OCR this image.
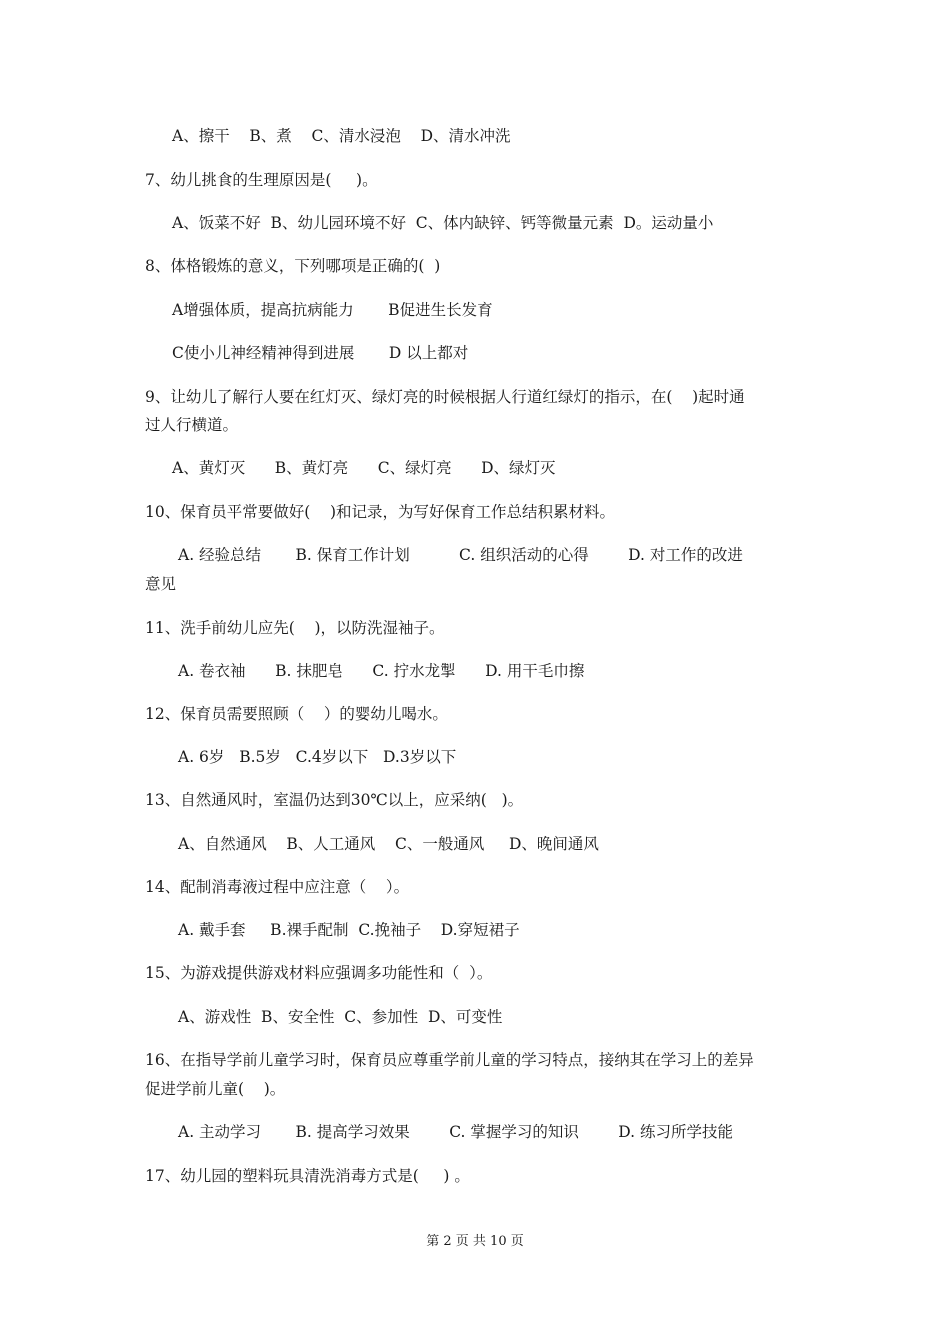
A、擦干    B、煮    C、清水浸泡    D、清水冲洗
7、幼儿挑食的生理原因是(     )。
A、饭菜不好  B、幼儿园环境不好  C、体内缺锌、钙等微量元素  D。运动量小
8、体格锻炼的意义，下列哪项是正确的(  )
A增强体质，提高抗病能力       B促进生长发育
C使小儿神经精神得到进展       D 以上都对
9、让幼儿了解行人要在红灯灭、绿灯亮的时候根据人行道红绿灯的指示，在(    )起时通
过人行横道。
A、黄灯灭      B、黄灯亮      C、绿灯亮      D、绿灯灭
10、保育员平常要做好(    )和记录，为写好保育工作总结积累材料。
A. 经验总结       B. 保育工作计划          C. 组织活动的心得        D. 对工作的改进
意见
11、洗手前幼儿应先(    )，以防洗湿袖子。
A. 卷衣袖      B. 抹肥皂      C. 拧水龙掣      D. 用干毛巾擦
12、保育员需要照顾（    ）的婴幼儿喝水。
A. 6岁   B.5岁   C.4岁以下   D.3岁以下
13、自然通风时，室温仍达到30℃以上，应采纳(   )。
A、自然通风    B、人工通风    C、一般通风     D、晚间通风
14、配制消毒液过程中应注意（    ）。
A. 戴手套     B.裸手配制  C.挽袖子    D.穿短裙子
15、为游戏提供游戏材料应强调多功能性和（  ）。
A、游戏性  B、安全性  C、参加性  D、可变性
16、在指导学前儿童学习时，保育员应尊重学前儿童的学习特点，接纳其在学习上的差异
促进学前儿童(    )。
A. 主动学习       B. 提高学习效果        C. 掌握学习的知识        D. 练习所学技能
17、幼儿园的塑料玩具清洗消毒方式是(     ) 。
第 2 页 共 10 页
